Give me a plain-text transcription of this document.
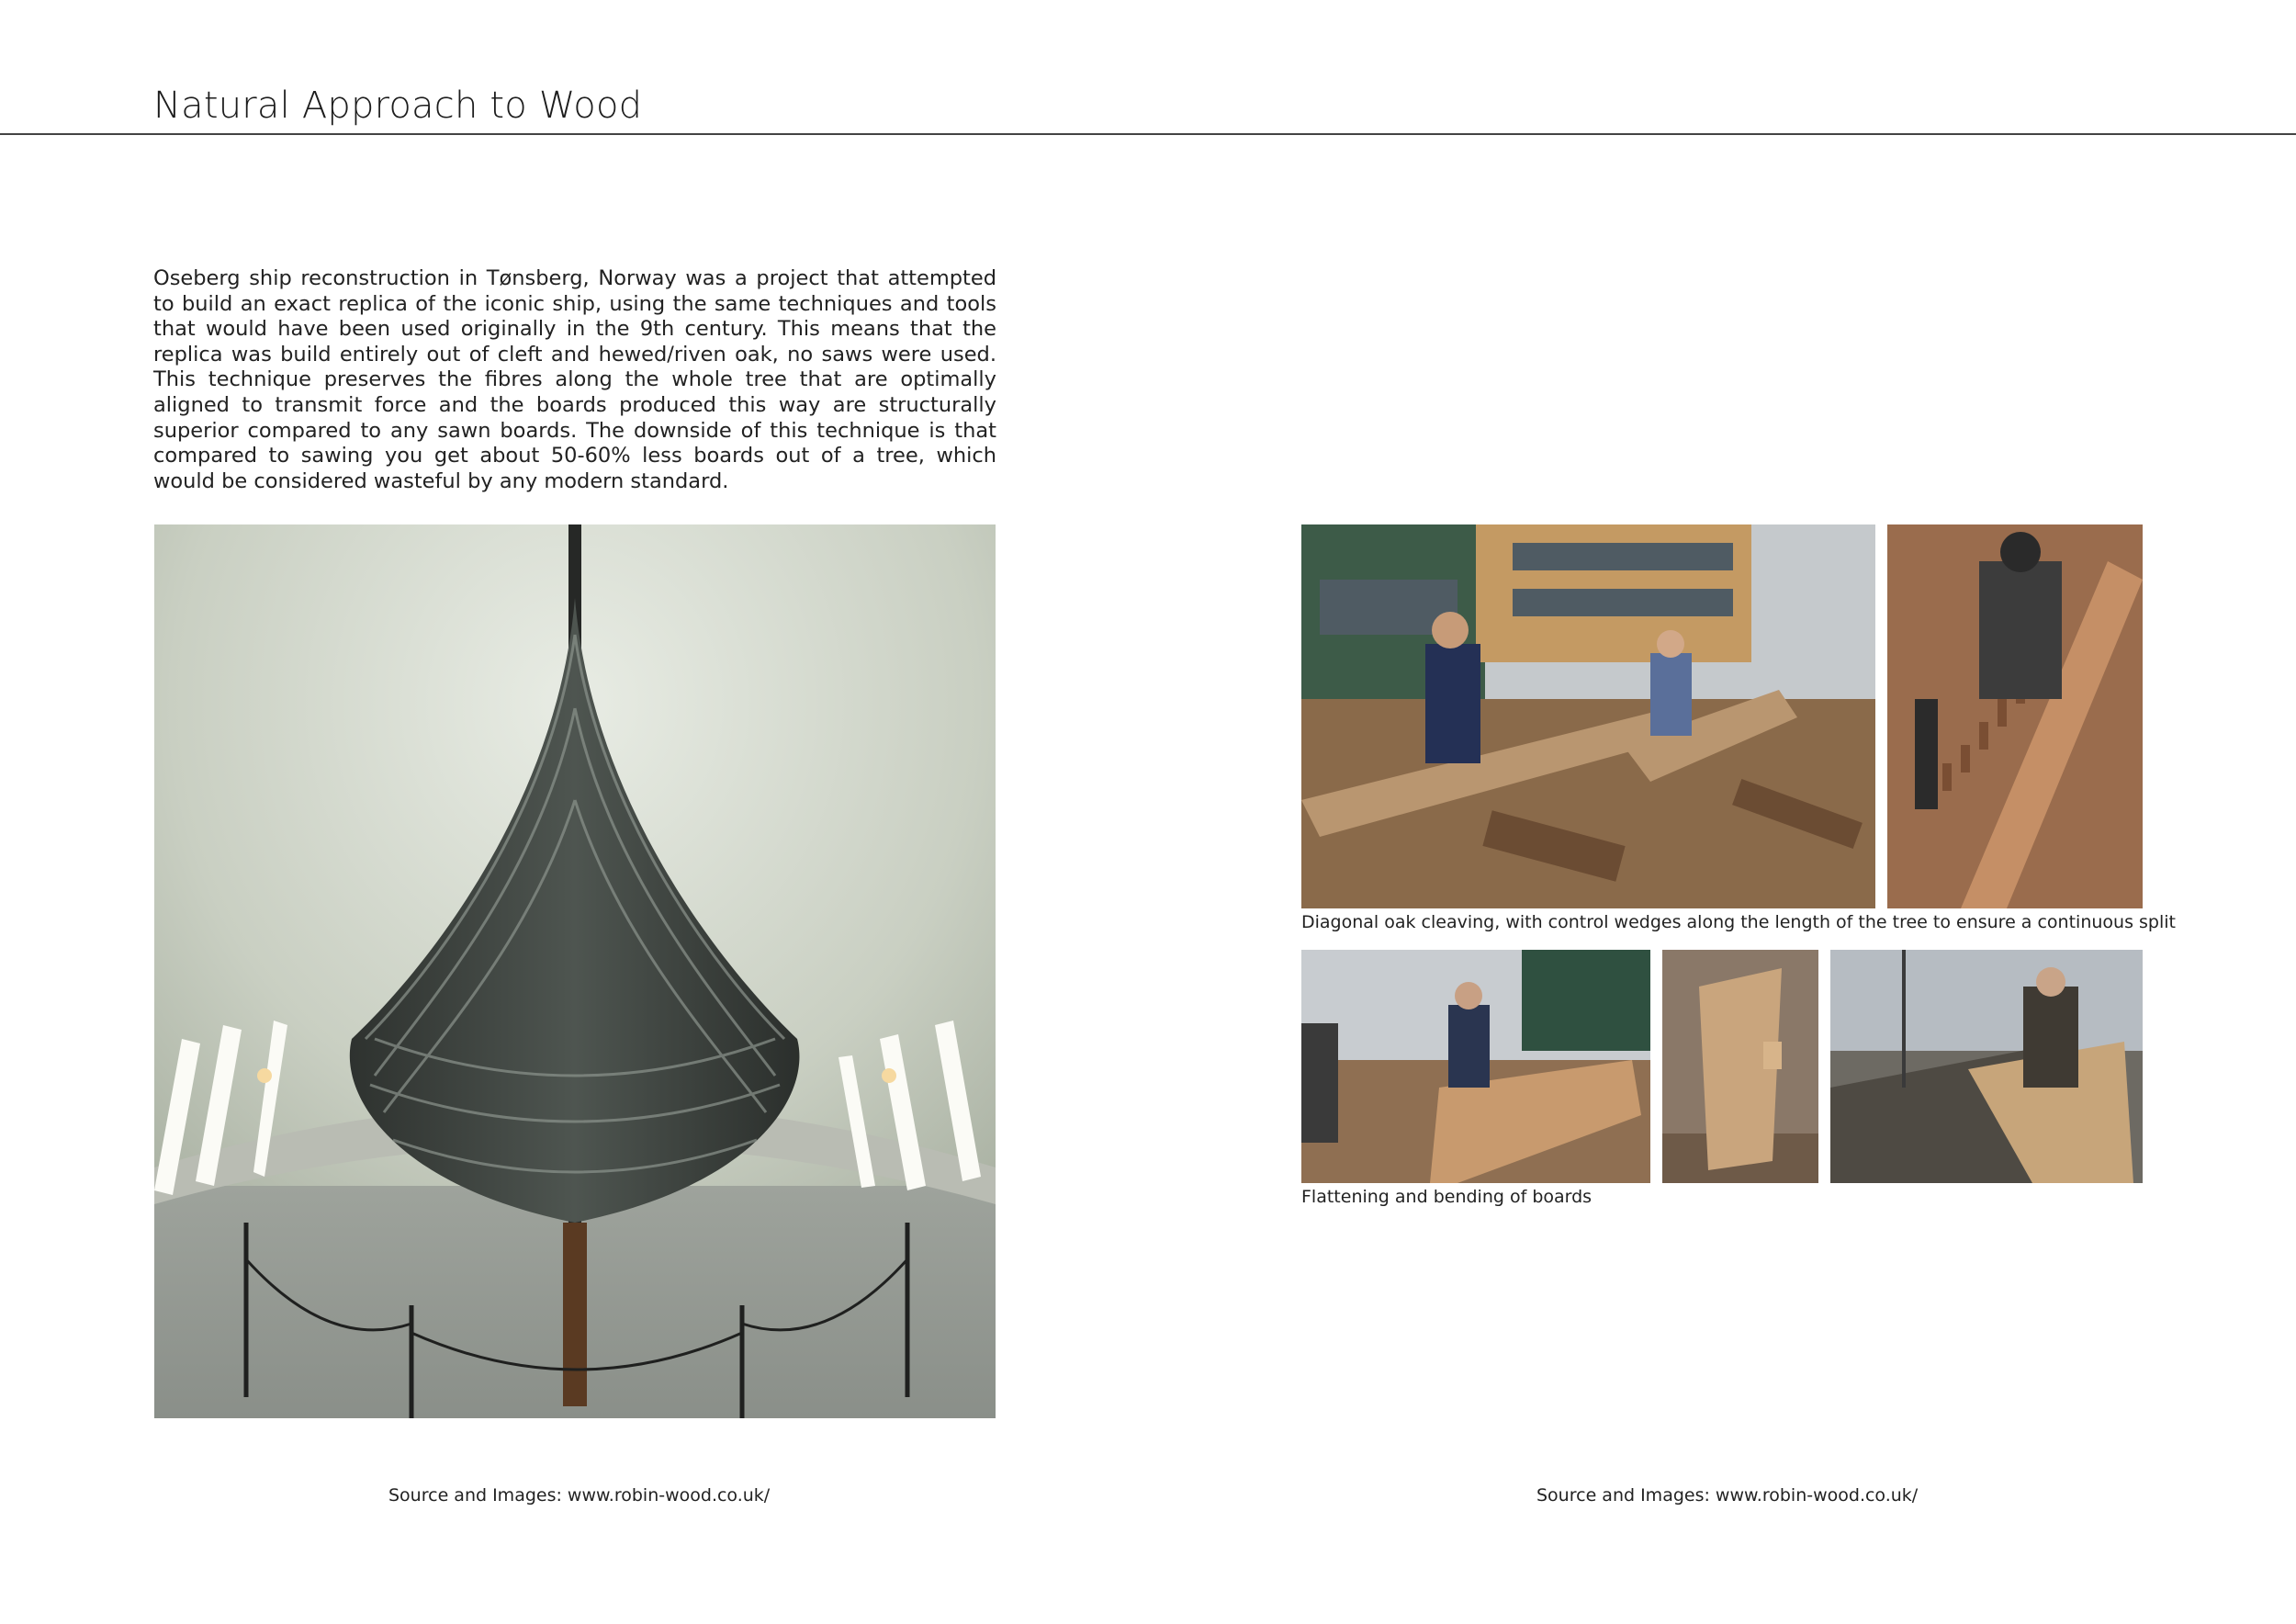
Natural Approach to Wood
Oseberg ship reconstruction in Tønsberg, Norway was a project that attempted to build an exact replica of the iconic ship, using the same techniques and tools that would have been used originally in the 9th century. This means that the replica was build entirely out of cleft and hewed/riven oak, no saws were used. This technique preserves the fibres along the whole tree that are optimally aligned to transmit force and the boards produced this way are structurally superior compared to any sawn boards. The downside of this technique is that compared to sawing you get about 50-60% less boards out of a tree, which would be considered wasteful by any modern standard.
Diagonal oak cleaving, with control wedges along the length of the tree to ensure a continuous split
Flattening and bending of boards
Source and Images: www.robin-wood.co.uk/	Source and Images: www.robin-wood.co.uk/
